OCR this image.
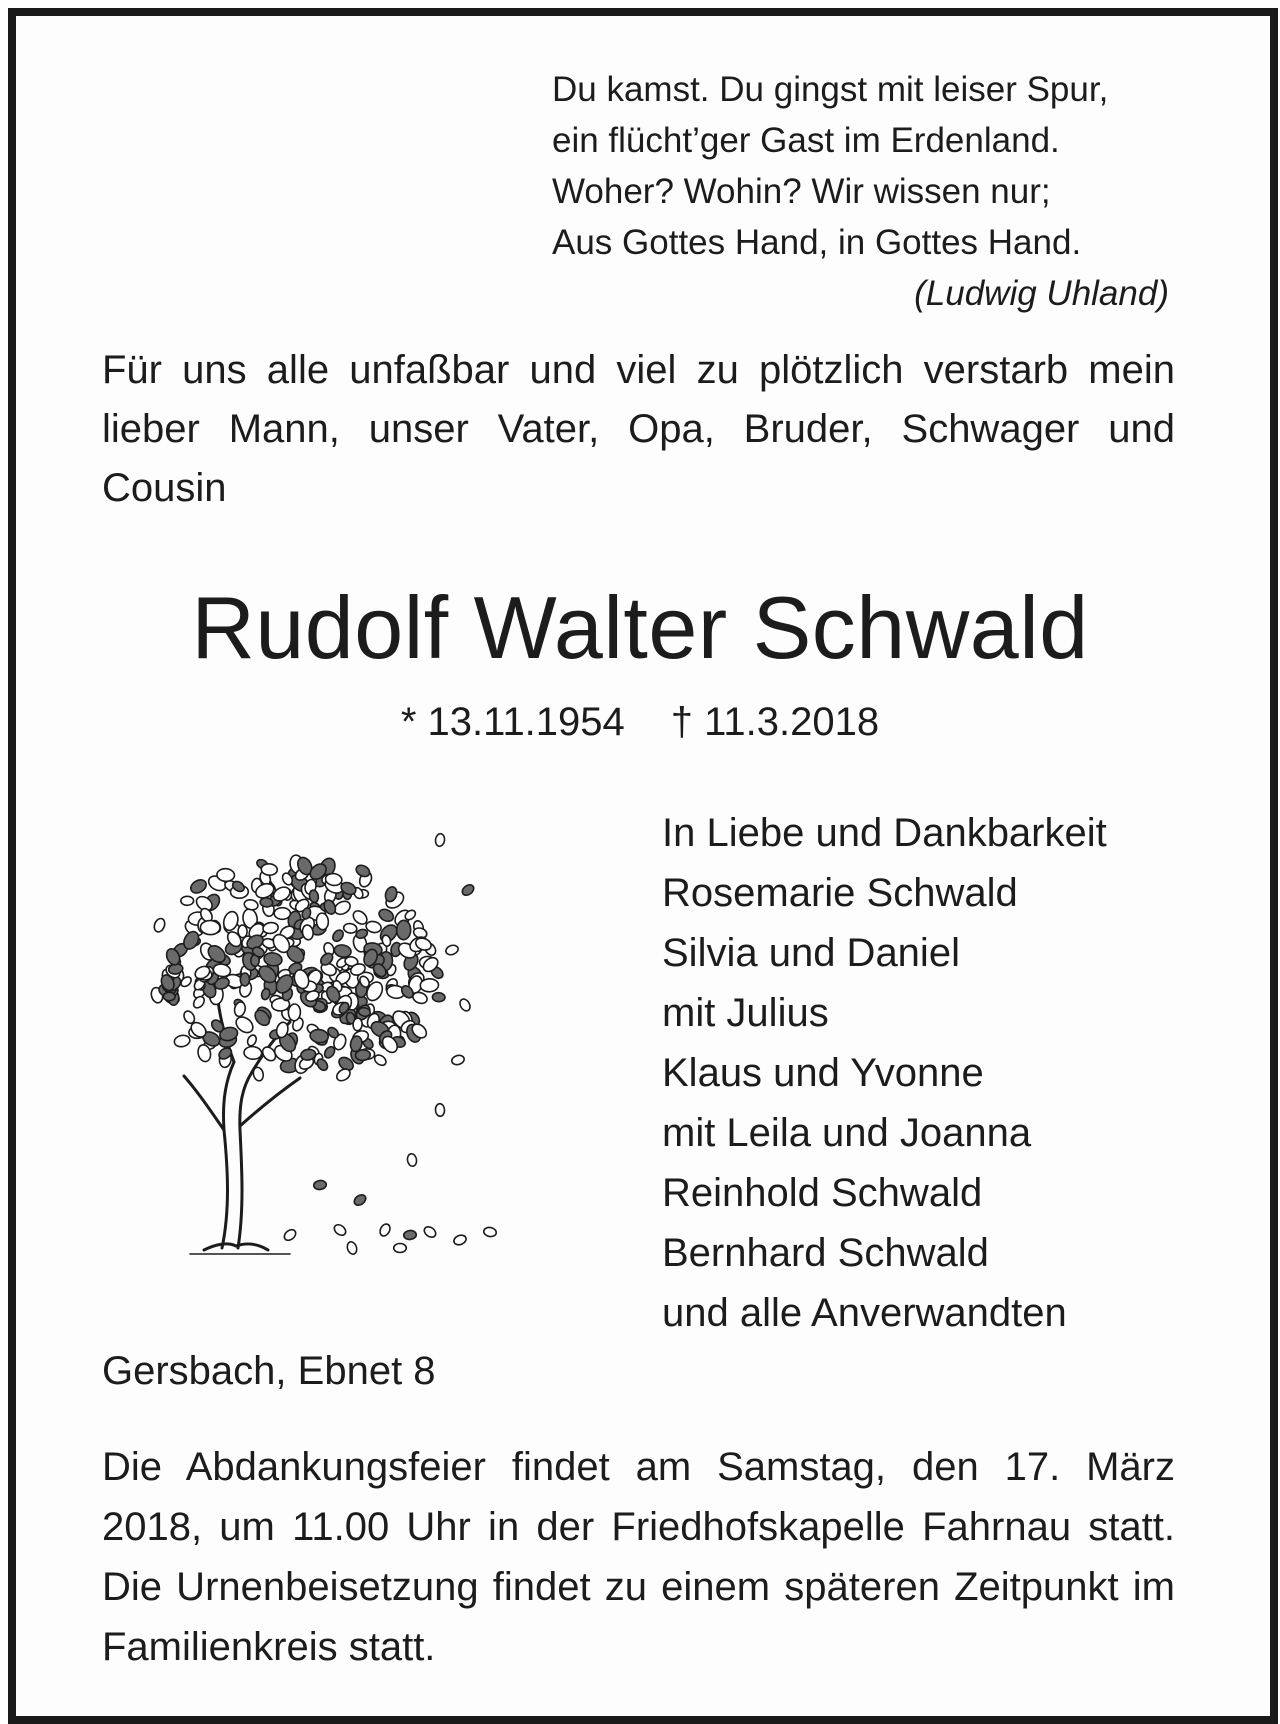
Du kamst. Du gingst mit leiser Spur,
ein flücht’ger Gast im Erdenland.
Woher? Wohin? Wir wissen nur;
Aus Gottes Hand, in Gottes Hand.
(Ludwig Uhland)
Für uns alle unfaßbar und viel zu plötzlich verstarb mein lieber Mann, unser Vater, Opa, Bruder, Schwager und Cousin
Rudolf Walter Schwald
* 13.11.1954 † 11.3.2018
In Liebe und Dankbarkeit
Rosemarie Schwald
Silvia und Daniel
mit Julius
Klaus und Yvonne
mit Leila und Joanna
Reinhold Schwald
Bernhard Schwald
und alle Anverwandten
Gersbach, Ebnet 8
Die Abdankungsfeier findet am Samstag, den 17. März 2018, um 11.00 Uhr in der Friedhofskapelle Fahrnau statt. Die Urnenbeisetzung findet zu einem späteren Zeitpunkt im Familienkreis statt.
